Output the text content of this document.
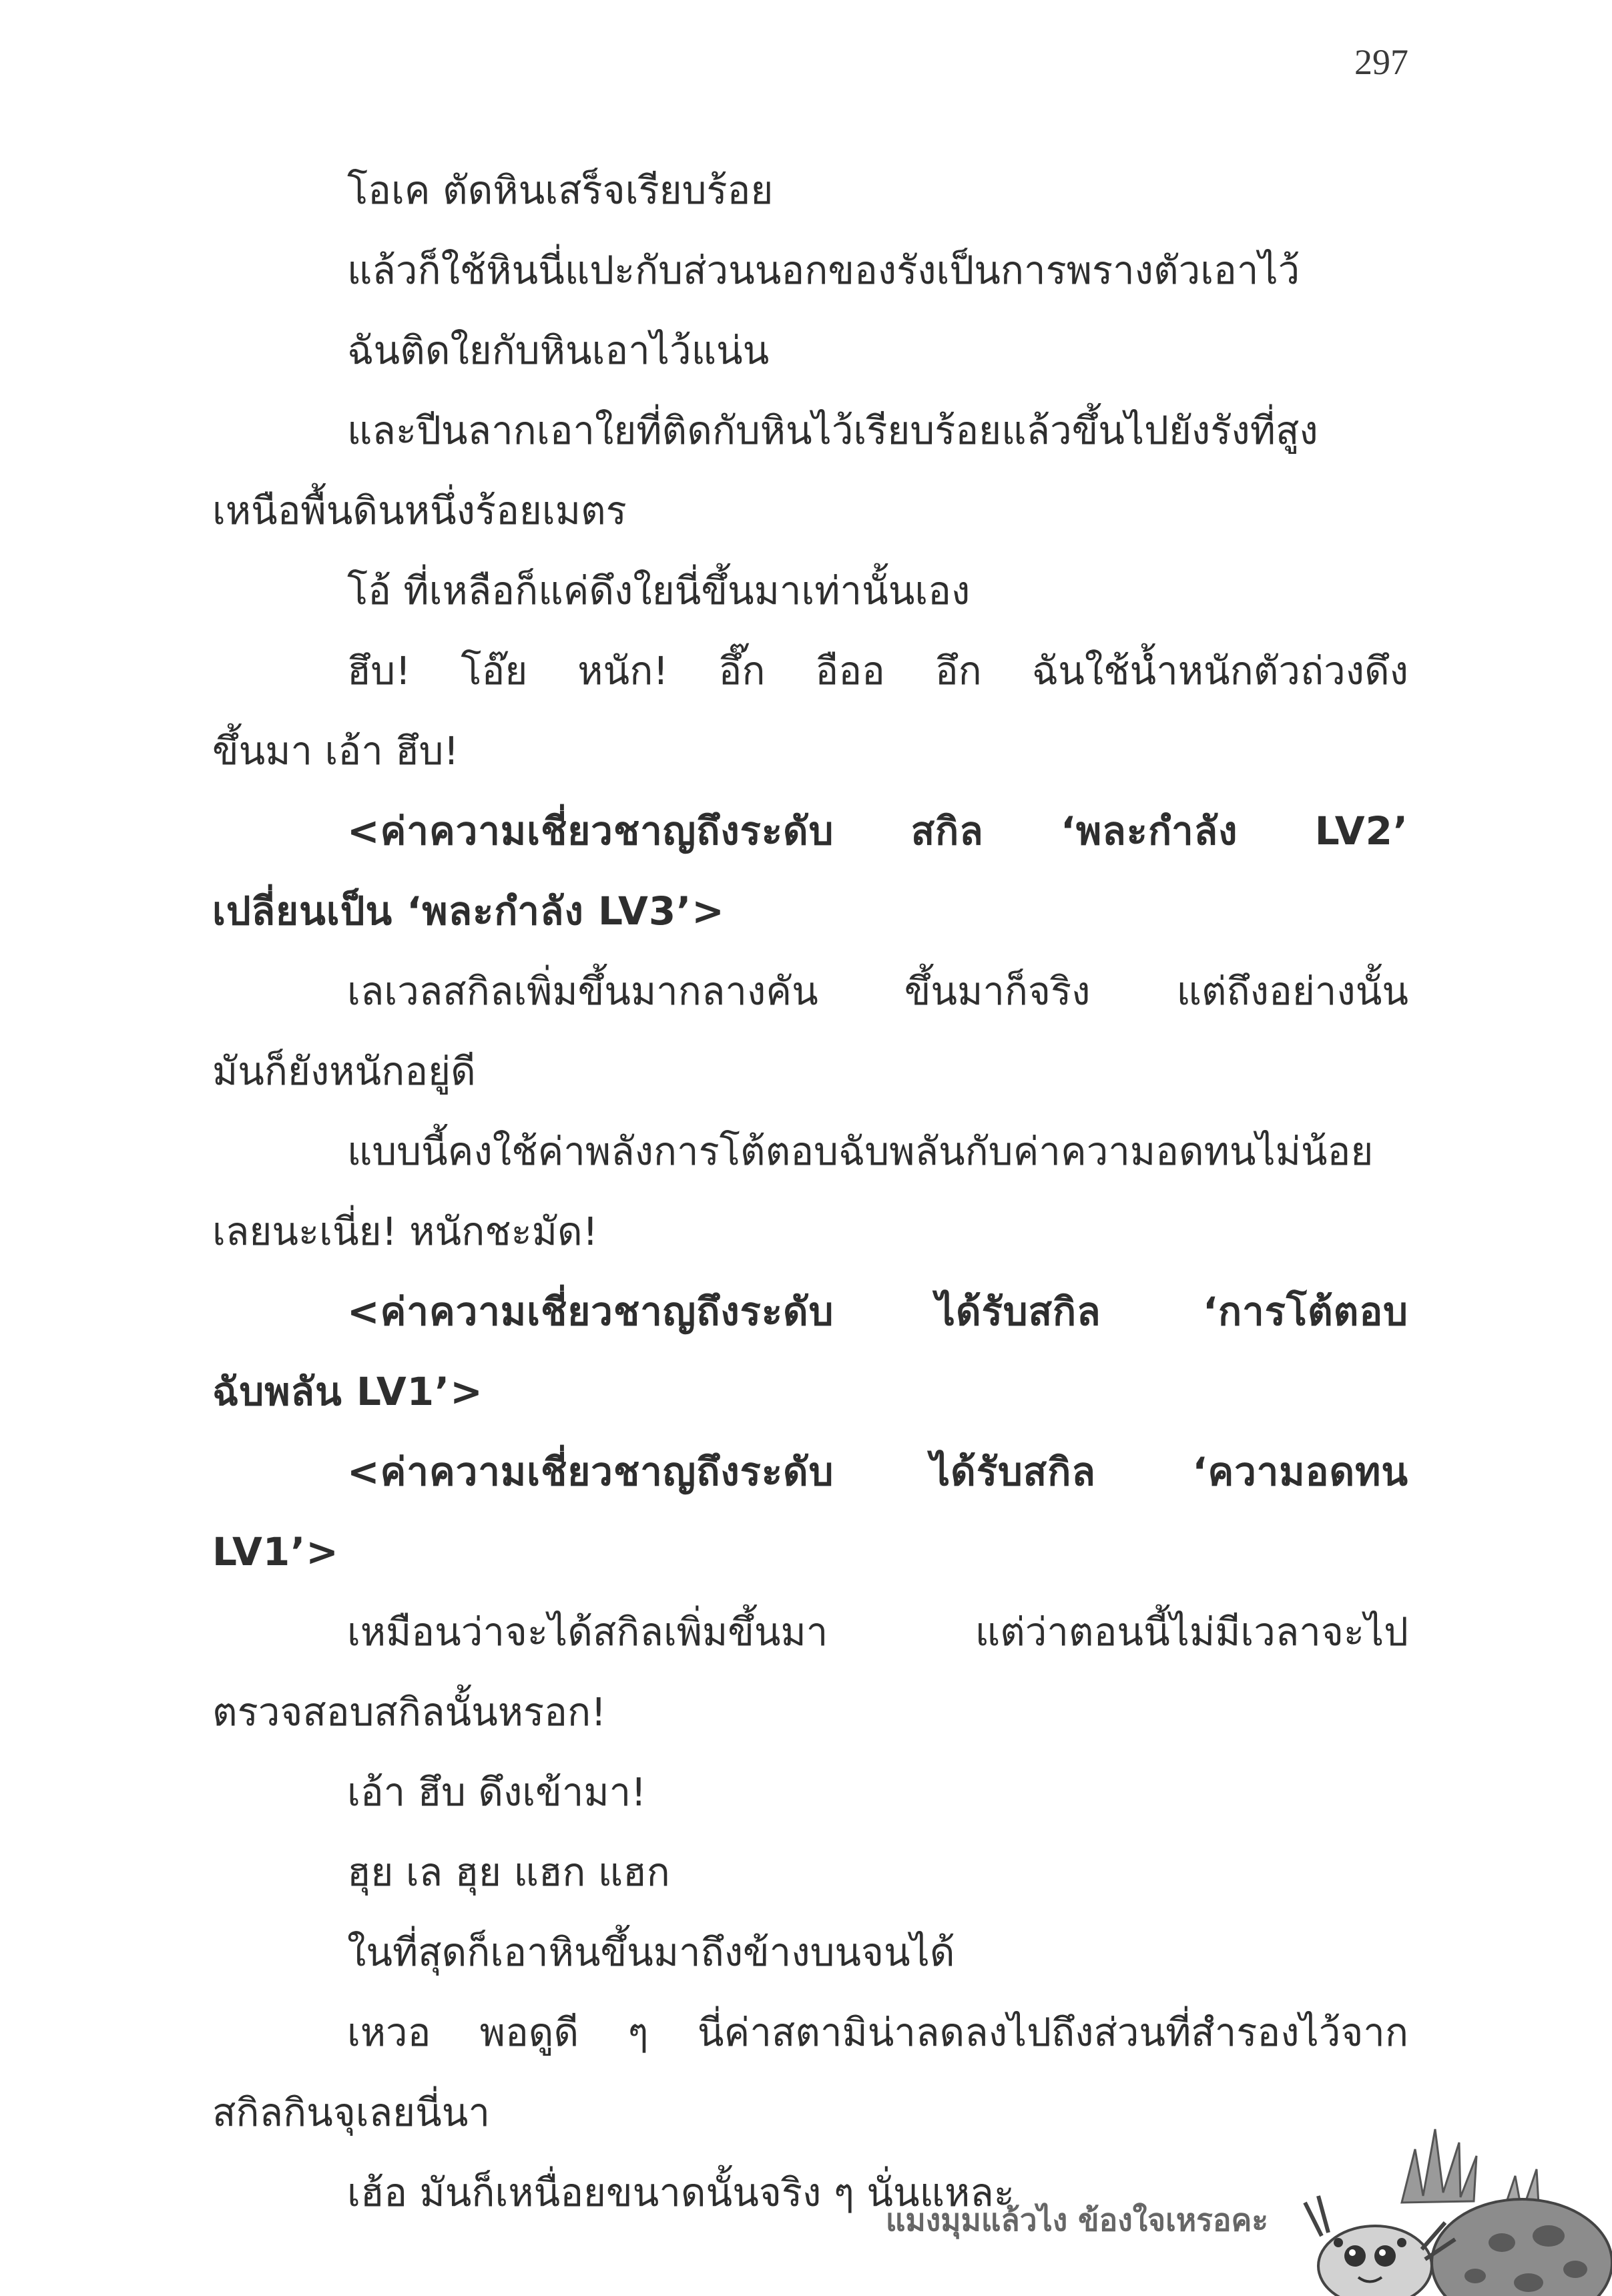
297
โอเค ตัดหินเสร็จเรียบร้อย
แล้วก็ใช้หินนี่แปะกับส่วนนอกของรังเป็นการพรางตัวเอาไว้
ฉันติดใยกับหินเอาไว้แน่น
และปีนลากเอาใยที่ติดกับหินไว้เรียบร้อยแล้วขึ้นไปยังรังที่สูง
เหนือพื้นดินหนึ่งร้อยเมตร
โอ้ ที่เหลือก็แค่ดึงใยนี่ขึ้นมาเท่านั้นเอง
ฮึบ! โอ๊ย หนัก! อึ๊ก อืออ อึก ฉันใช้น้ำหนักตัวถ่วงดึง
ขึ้นมา เอ้า ฮึบ!
<ค่าความเชี่ยวชาญถึงระดับ สกิล ‘พละกำลัง LV2’
เปลี่ยนเป็น ‘พละกำลัง LV3’>
เลเวลสกิลเพิ่มขึ้นมากลางคัน ขึ้นมาก็จริง แต่ถึงอย่างนั้น
มันก็ยังหนักอยู่ดี
แบบนี้คงใช้ค่าพลังการโต้ตอบฉับพลันกับค่าความอดทนไม่น้อย
เลยนะเนี่ย! หนักชะมัด!
<ค่าความเชี่ยวชาญถึงระดับ ได้รับสกิล ‘การโต้ตอบ
ฉับพลัน LV1’>
<ค่าความเชี่ยวชาญถึงระดับ ได้รับสกิล ‘ความอดทน
LV1’>
เหมือนว่าจะได้สกิลเพิ่มขึ้นมา แต่ว่าตอนนี้ไม่มีเวลาจะไป
ตรวจสอบสกิลนั้นหรอก!
เอ้า ฮึบ ดึงเข้ามา!
ฮุย เล ฮุย แฮก แฮก
ในที่สุดก็เอาหินขึ้นมาถึงข้างบนจนได้
เหวอ พอดูดี ๆ นี่ค่าสตามิน่าลดลงไปถึงส่วนที่สำรองไว้จาก
สกิลกินจุเลยนี่นา
เฮ้อ มันก็เหนื่อยขนาดนั้นจริง ๆ นั่นแหละ
แมงมุมแล้วไง ข้องใจเหรอคะ
